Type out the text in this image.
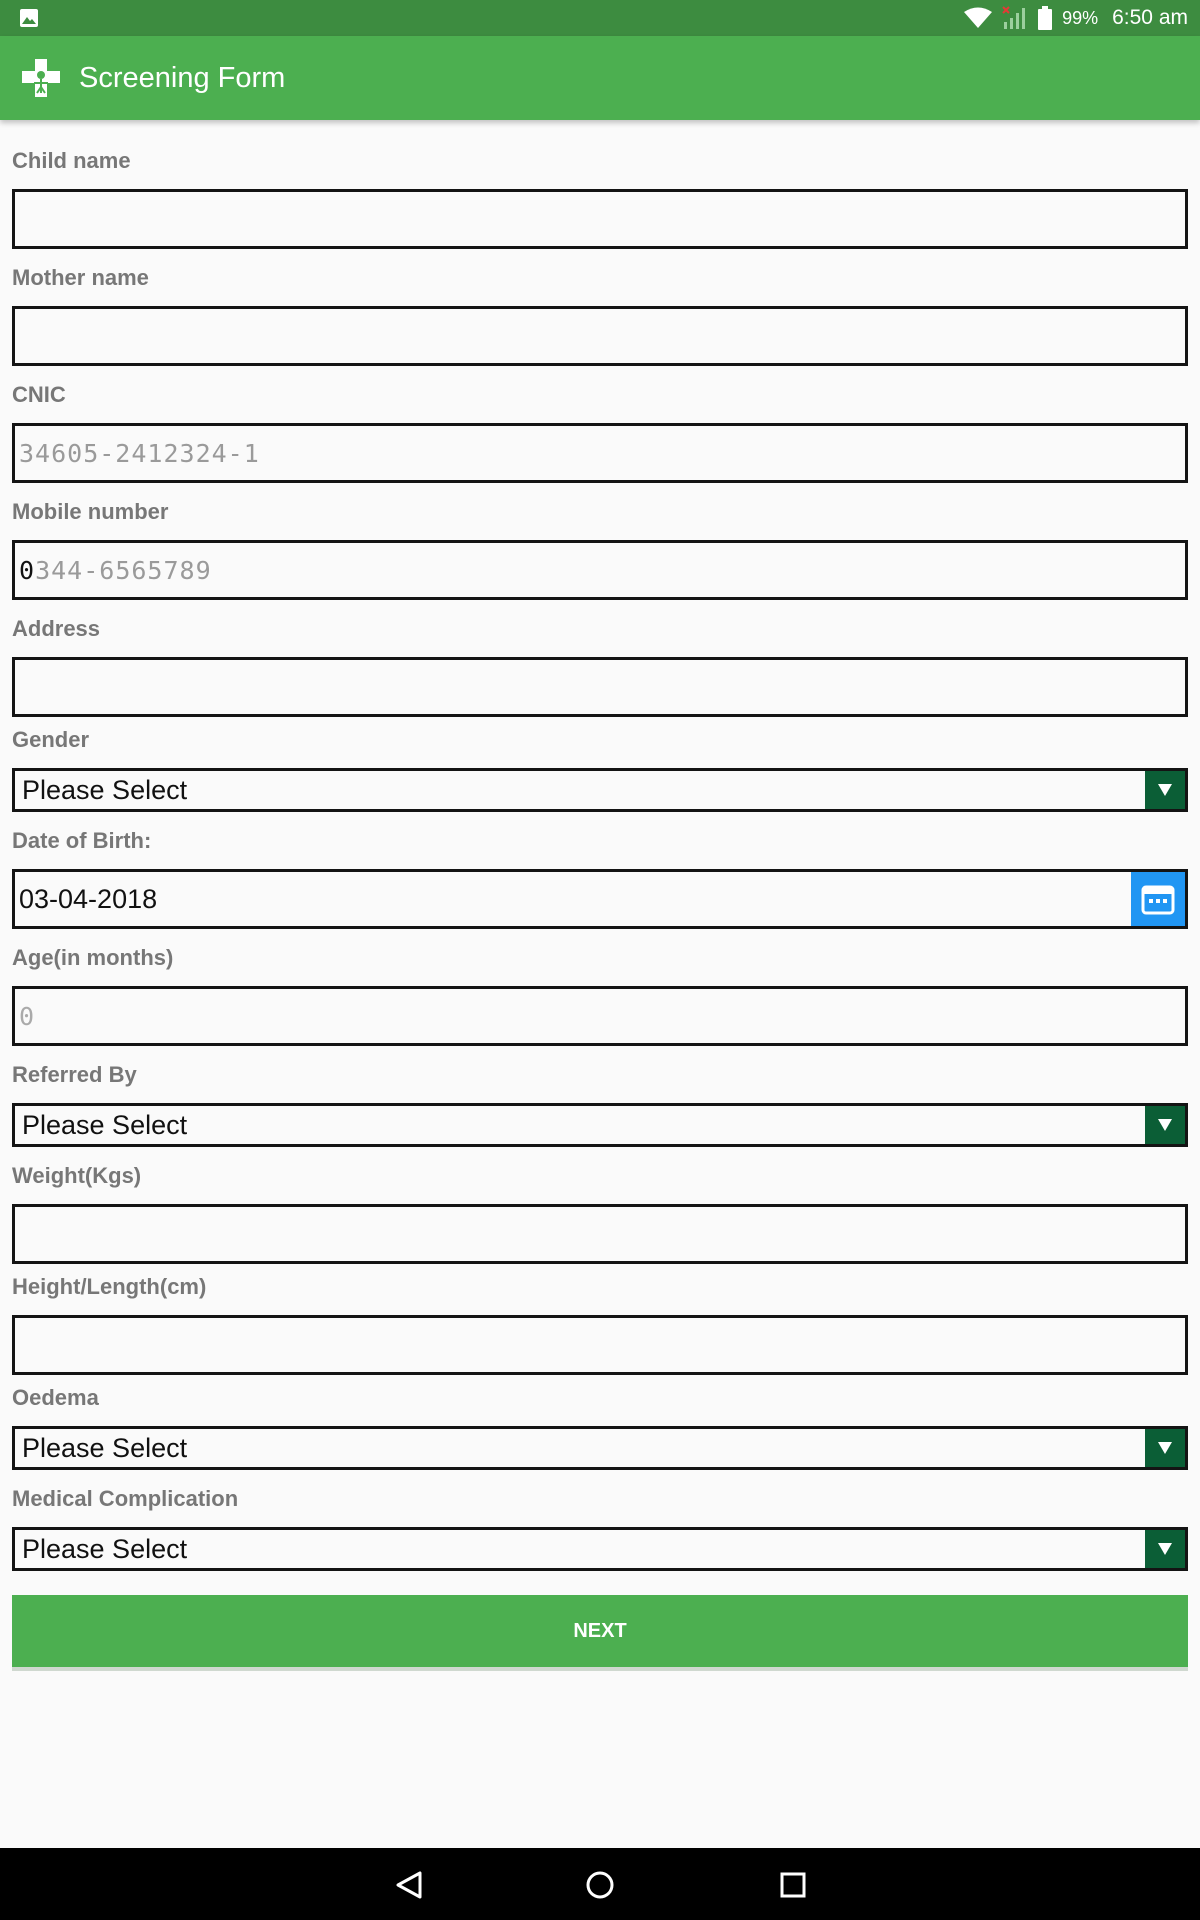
99% 6:50 am
Screening Form
Child name
Mother name
CNIC
34605-2412324-1
Mobile number
0 344-6565789
Address
Gender
Please Select
Date of Birth:
03-04-2018
Age(in months)
0
Referred By
Please Select
Weight(Kgs)
Height/Length(cm)
Oedema
Please Select
Medical Complication
Please Select
NEXT
